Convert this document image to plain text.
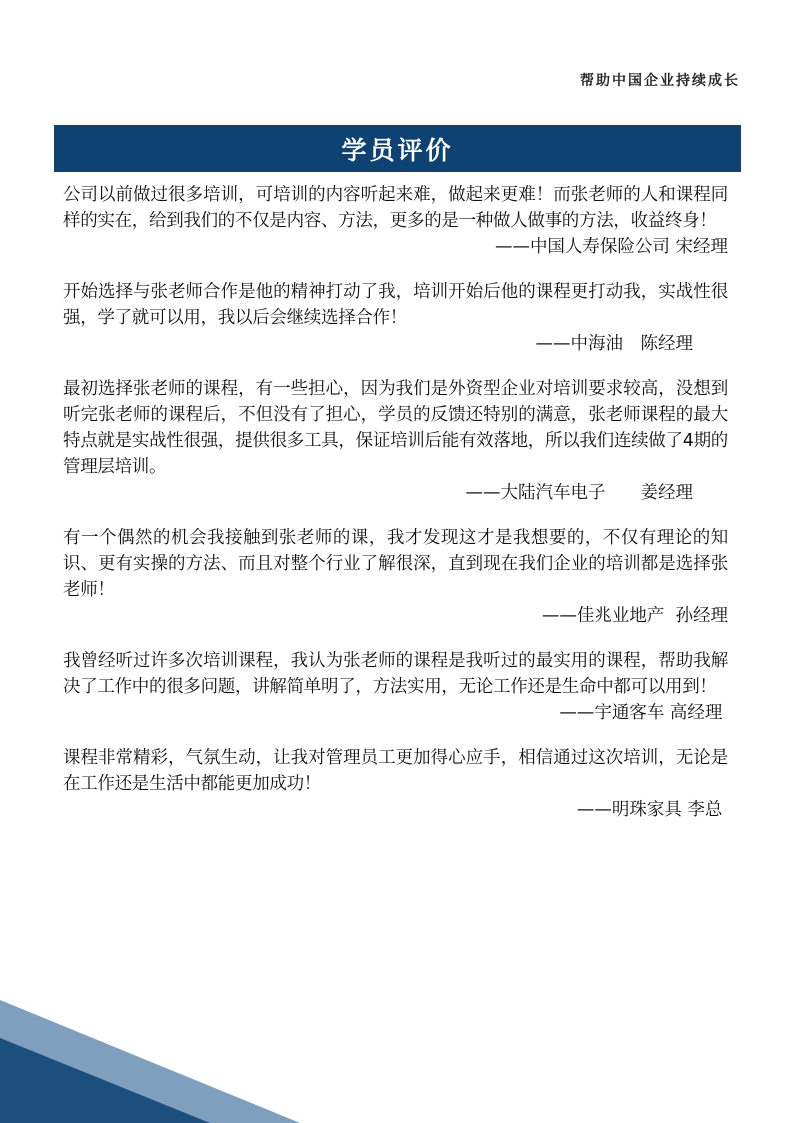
帮助中国企业持续成长
学员评价

公司以前做过很多培训，可培训的内容听起来难，做起来更难！而张老师的人和课程同样的实在，给到我们的不仅是内容、方法，更多的是一种做人做事的方法，收益终身！

——中国人寿保险公司 宋经理

开始选择与张老师合作是他的精神打动了我，培训开始后他的课程更打动我，实战性很强，学了就可以用，我以后会继续选择合作！

——中海油　陈经理　　

最初选择张老师的课程，有一些担心，因为我们是外资型企业对培训要求较高，没想到听完张老师的课程后，不但没有了担心，学员的反馈还特别的满意，张老师课程的最大特点就是实战性很强，提供很多工具，保证培训后能有效落地，所以我们连续做了4期的管理层培训。

——大陆汽车电子　　姜经理　　

有一个偶然的机会我接触到张老师的课，我才发现这才是我想要的，不仅有理论的知识、更有实操的方法、而且对整个行业了解很深，直到现在我们企业的培训都是选择张老师！

——佳兆业地产  孙经理

我曾经听过许多次培训课程，我认为张老师的课程是我听过的最实用的课程，帮助我解决了工作中的很多问题，讲解简单明了，方法实用，无论工作还是生命中都可以用到！

——宇通客车 高经理

课程非常精彩，气氛生动，让我对管理员工更加得心应手，相信通过这次培训，无论是在工作还是生活中都能更加成功！

——明珠家具 李总
